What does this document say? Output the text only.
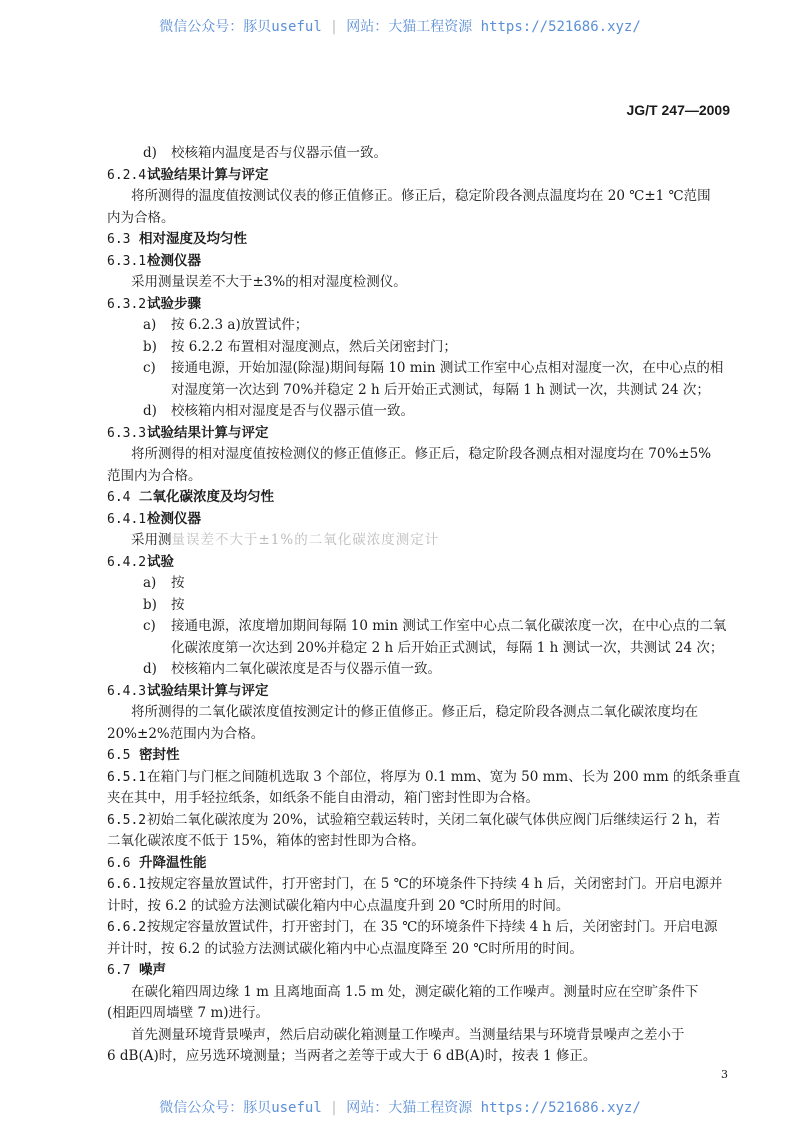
微信公众号：豚贝useful | 网站：大猫工程资源 https://521686.xyz/
JG/T 247—2009
d) 校核箱内温度是否与仪器示值一致。
6.2.4试验结果计算与评定
将所测得的温度值按测试仪表的修正值修正。修正后，稳定阶段各测点温度均在 20 ℃±1 ℃范围
内为合格。
6.3 相对湿度及均匀性
6.3.1检测仪器
采用测量误差不大于±3%的相对湿度检测仪。
6.3.2试验步骤
a) 按 6.2.3 a)放置试件；
b) 按 6.2.2 布置相对湿度测点，然后关闭密封门；
c) 接通电源，开始加湿(除湿)期间每隔 10 min 测试工作室中心点相对湿度一次，在中心点的相
对湿度第一次达到 70%并稳定 2 h 后开始正式测试，每隔 1 h 测试一次，共测试 24 次；
d) 校核箱内相对湿度是否与仪器示值一致。
6.3.3试验结果计算与评定
将所测得的相对湿度值按检测仪的修正值修正。修正后，稳定阶段各测点相对湿度均在 70%±5%
范围内为合格。
6.4 二氧化碳浓度及均匀性
6.4.1检测仪器
采用测量误差不大于±1%的二氧化碳浓度测定计
6.4.2试验
a) 按
b) 按
c) 接通电源，浓度增加期间每隔 10 min 测试工作室中心点二氧化碳浓度一次，在中心点的二氧
化碳浓度第一次达到 20%并稳定 2 h 后开始正式测试，每隔 1 h 测试一次，共测试 24 次；
d) 校核箱内二氧化碳浓度是否与仪器示值一致。
6.4.3试验结果计算与评定
将所测得的二氧化碳浓度值按测定计的修正值修正。修正后，稳定阶段各测点二氧化碳浓度均在
20%±2%范围内为合格。
6.5 密封性
6.5.1在箱门与门框之间随机选取 3 个部位，将厚为 0.1 mm、宽为 50 mm、长为 200 mm 的纸条垂直
夹在其中，用手轻拉纸条，如纸条不能自由滑动，箱门密封性即为合格。
6.5.2初始二氧化碳浓度为 20%，试验箱空载运转时，关闭二氧化碳气体供应阀门后继续运行 2 h，若
二氧化碳浓度不低于 15%，箱体的密封性即为合格。
6.6 升降温性能
6.6.1按规定容量放置试件，打开密封门，在 5 ℃的环境条件下持续 4 h 后，关闭密封门。开启电源并
计时，按 6.2 的试验方法测试碳化箱内中心点温度升到 20 ℃时所用的时间。
6.6.2按规定容量放置试件，打开密封门，在 35 ℃的环境条件下持续 4 h 后，关闭密封门。开启电源
并计时，按 6.2 的试验方法测试碳化箱内中心点温度降至 20 ℃时所用的时间。
6.7 噪声
在碳化箱四周边缘 1 m 且离地面高 1.5 m 处，测定碳化箱的工作噪声。测量时应在空旷条件下
(相距四周墙壁 7 m)进行。
首先测量环境背景噪声，然后启动碳化箱测量工作噪声。当测量结果与环境背景噪声之差小于
6 dB(A)时，应另选环境测量；当两者之差等于或大于 6 dB(A)时，按表 1 修正。
3
微信公众号：豚贝useful | 网站：大猫工程资源 https://521686.xyz/
